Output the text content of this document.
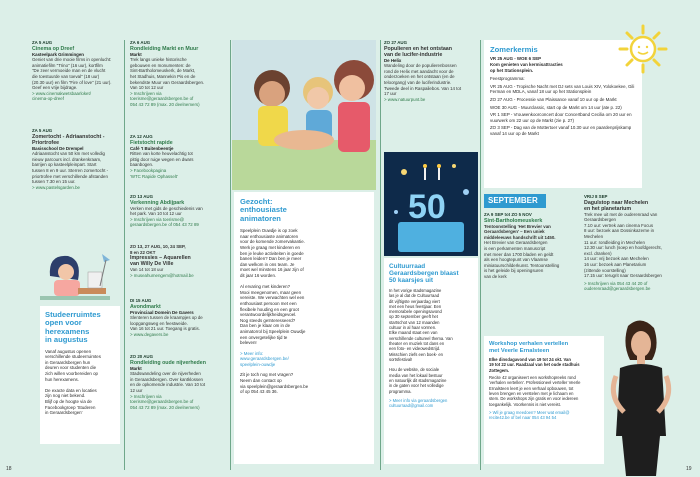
ZA 5 AUG
Cinema op Dreef
Kasteelpark Grimmingen
Geniet van drie mooie films in openlucht:
animatiefilm "Trino" (16 uur), kortfilm
"De zeer vermoeide man en de vlucht
die toestuurde van toeval" (18 uur)
(20.30 uur) en film "Fire of love" (21 uur).
Geef een vrije bijdrage.
> www.cinemakwetsbaarloket/
cinema-op-dreef
ZA 5 AUG
Zomertocht - Adriaanstocht -
Priortrofee
Basisschool De Drempel
Adriaanstocht van 50 km met volledig
nieuw parcours incl. drankenkraam,
barrijen op kasteelpleinpart. Start
tussen 8 en 9 uur. Sterren zomertocht -
priortrofee met verschillende afstanden
tussen 7.30 en 15 uur.
> www.pastelsgarden.be
Studeerruimtes
open voor
herexamens
in augustus
Vanaf augustus openen
verschillende studeerruimtes
in Geraardsbergen hun
deuren voor studenten die
zich willen voorbereiden op
hun herexamens.

De exacte data en locaties
zijn nog niet bekend.
Blijf op de hoogte via de
Facebookgroep 'Studeren
in Geraardsbergen'
ZA 6 AUG
Rondleiding Markt en Muur
Markt
Trek langs unieke historische
gebouwen en monumenten: de
Sint-Bartholomeuskerk, de Markt,
het Stadhuis, Mannekin Pis en de
bekendste Muur van Geraardsbergen.
Van 10 tot 12 uur
> Inschrijven via
toerisme@geraardsbergen.be of
054 43 72 89 (max. 20 deelnemers)
ZA 12 AUG
Fietstocht rapide
Café 't Buitenbeentje
Ritten van korte heuvelachtig tot
pittig door ruige wegen en dwars
baanbogen.
> Facebookpagina
'WTC Rapide Ophasselt'
ZO 13 AUG
Verkenning Abdijpark
Verken met gids de geschiedenis van
het park. Van 10 tot 12 uur
> Inschrijven via toerisme@
geraardsbergen.be of 054 43 72 89
ZO 13, 27 AUG, 10, 24 SEP,
8 en 22 OKT
Impressies – Aquarellen
van Willy De Ville
Van 14 tot 18 uur
> museahumengem@hotmail.be
DI 15 AUG
Avondmarkt
Provinciaal Domein De Gavers
Slenteren tussen de kraampjes op de
loopgangsweg en feestweide.
Van 16 tot 21 uur. Toegang is gratis.
> www.degavers.be
ZO 20 AUG
Rondleiding oude nijverheden
Markt
Stadswandeling over de nijverheden
in Geraardsbergen. Over kantklossen
en de opkomende industrie. Van 10 tot
12 uur
> Inschrijven via
toerisme@geraardsbergen.be of
054 43 72 89 (max. 20 deelnemers)
Gezocht:
enthousiaste
animatoren
Speelplein Ouwdje is op zoek
naar enthousiaste animatoren
voor de komende zomervakantie.
Werk je graag met kinderen en
ben je leuke activiteiten in goede
banen leiden? Dan ben je meer
dan welkom in ons team. Je
moet wel minstens 16 jaar zijn of
dit jaar 16 worden.

Al ervaring met kinderen?
Mooi meegenomen, maar geen
vereiste. We verwachten wel een
enthousiast persoon met een
flexibele houding en een groot
verantwoordelijkheidsgevoel.
Nog steeds geïnteresseerd?
Dan ben je klaar om in de
animatorrol bij Speelplein Ouwdje
een onvergetelijke tijd te
beleven!
> Meer info:
www.geraardsbergen.be/
speelplein-ouwdje
Zit je toch nog met vragen?
Neem dan contact op
via speelplein@geraardsbergen.be
of op 054 43 45 36.
ZO 27 AUG
Populieren en het ontstaan
van de lucifer-industrie
De Helix
Wandeling door de populierenbossen
rond de Helix met aandacht voor de
onderzoeken en het ontstaan (en de
teloorgang) van de luciferindustrie.
Tweede deel in Raspailebos. Van 14 tot
17 uur
> www.natuurpunt.be
50
Cultuurraad
Geraardsbergen blaast
50 kaarsjes uit
In het vorige stadsmagazine
las je al dat de Cultuurraad
dit vijftigste verjaardag viert
met een heus feestjaar. Een
memorabele openingsavond
op 30 september geeft het
startschot van 12 maanden
cultuur in al haar vormen.
Elke maand staat een van
verschillende cultureel thema. Van
theater en muziek tot dans en
een foto- en videowedstrijd.
Misschien ziefs een boek- en
sortsfestival!

Hou de website, de sociale
media van het lokaal bestuur
en natuurlijk dit stadsmagazine
in de gaten voor het volledige
programma.
> Meer info via geraardsbergen
cultuurraad@gmail.com
Zomerkermis
VR 25 AUG - WOE 6 SEP
Kom genieten van kermisattracties
op het Stationsplein.
Feestprogramma:
VR 25 AUG - Tropische Nacht met DJ sets van Louis XIV, Yolokoekee, Gili Ferman en MDLA, vanaf 18 uur op het Stationsplein
ZO 27 AUG - Processie van Plaissance vanaf 10 uur op de Markt
WOE 30 AUG - Muurclassic, start op de Markt om 14 uur (ate p. 22)
VR 1 SEP - Vrouwenkoorconcert door Concertband Cecilia om 20 uur en vuurwerk om 22 uur op de Markt (zie p. 27)
ZO 3 SEP - Dag van de Mottertoer vanaf 10.30 uur en paardenprijskamp vanaf 14 uur op de Markt
SEPTEMBER
ZA 9 SEP tot ZO 5 NOV
Sint-Bartholomeuskerk
Tentoonstelling 'Het Brevier van
Geraardsbergen' – Een uniek
middeleeuws handschrift uit 1450.
Het Brevier van Geraardsbergen
is een perkamenten manuscript
met meer dan 1700 bladen en geldt
als een hoogtepunt van Vlaamse
miniatuurschilderkunst. Tentoonstelling
is het geleide bij openingsuren
van de kerk
VRIJ 8 SEP
Dagulstop naar Mechelen
en het planetarium
Trek mee uit met de ouderenraad van
Geraardsbergen
7.10 uur: vertrek aan cinema Focus
8 uur: bezoek aan Dossinkazerne in
Mechelen
11 uur: rondleiding in Mechelen
12.30 uur: lunch (soep en hoofdgerecht,
excl. dranken)
14 uur: vrij bezoek aan Mechelen
16 uur: bezoek aan Planetarium
(zittende voorstelling)
17.15 uur: terugrit naar Geraardsbergen
> Inschrijven via 054 43 44 20 of
ouderenraad@geraardsbergen.be
Workshop verhalen vertellen
met Veerle Ernalsteen
Elke dinsdagavond van 19 tot 24 okt. Van
19 tot 22 uur. Raadzaal van het oude stadhuis
Zottegem.
Recite 42 organiseert een workshopreeks rond
'verhalen vertellen'. Professioneel verteller Veerle
Ernalsteen leert je een verhaal opbouwen, tot
leven brengen en verstelen met je lichaam en
stem. De workshops zijn gratis en voor iedereen
toegankelijk. Voorkennis is niet vereist.
> Wil je graag meedoen? Meer wat email@
recite42.be of bel naar 054 43 94 54
18	19
